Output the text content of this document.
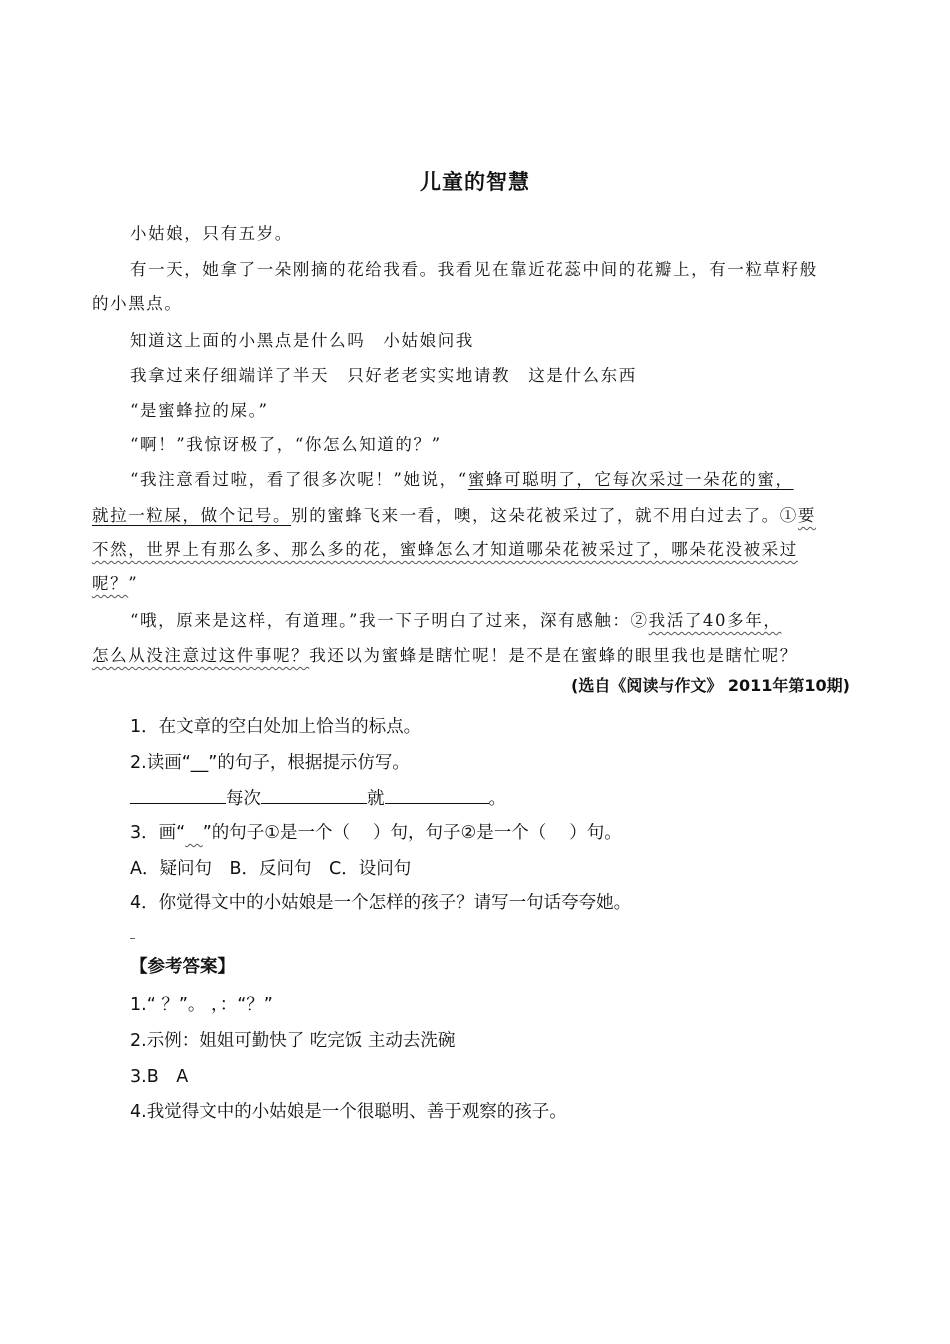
儿童的智慧
小姑娘，只有五岁。
有一天，她拿了一朵刚摘的花给我看。我看见在靠近花蕊中间的花瓣上，有一粒草籽般
的小黑点。
知道这上面的小黑点是什么吗　小姑娘问我
我拿过来仔细端详了半天　只好老老实实地请教　这是什么东西
“是蜜蜂拉的屎。”
“啊！”我惊讶极了，“你怎么知道的？”
“我注意看过啦，看了很多次呢！”她说，“蜜蜂可聪明了，它每次采过一朵花的蜜，
就拉一粒屎，做个记号。别的蜜蜂飞来一看，噢，这朵花被采过了，就不用白过去了。①要
不然，世界上有那么多、那么多的花，蜜蜂怎么才知道哪朵花被采过了，哪朵花没被采过
呢？”
“哦，原来是这样，有道理。”我一下子明白了过来，深有感触：②我活了40多年，
怎么从没注意过这件事呢？我还以为蜜蜂是瞎忙呢！是不是在蜜蜂的眼里我也是瞎忙呢？
(选自《阅读与作文》 2011年第10期)
1．在文章的空白处加上恰当的标点。
2.读画“__”的句子，根据提示仿写。
每次	就	。
3．画“　 ”的句子①是一个（　 ）句，句子②是一个（　 ）句。
A．疑问句　B．反问句　C．设问句
4．你觉得文中的小姑娘是一个怎样的孩子？请写一句话夸夸她。
【参考答案】
1.“ ？”。 ，：“？”
2.示例：姐姐可勤快了 吃完饭 主动去洗碗
3.B　A
4.我觉得文中的小姑娘是一个很聪明、善于观察的孩子。
